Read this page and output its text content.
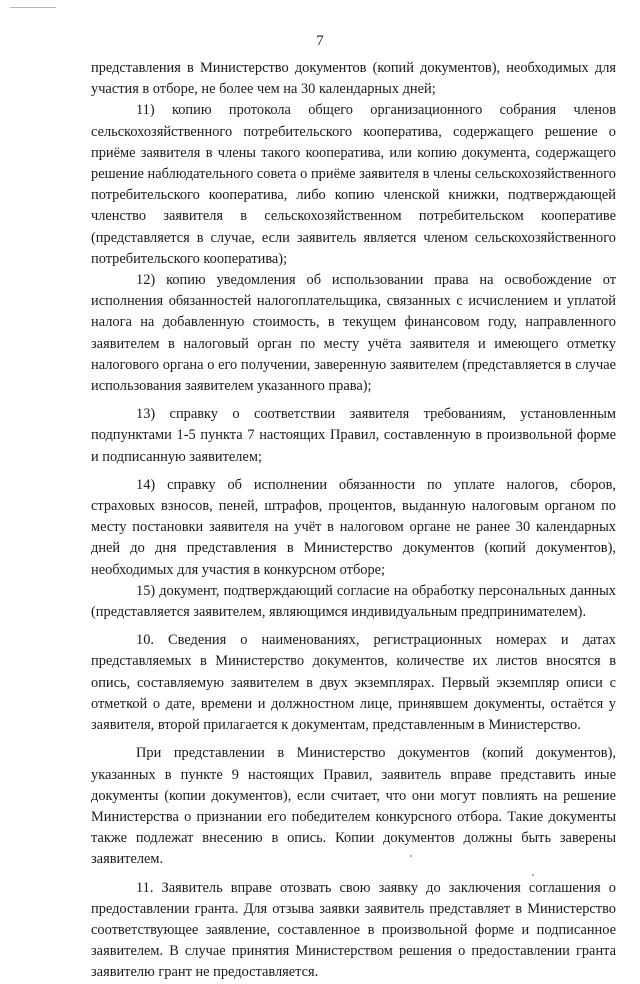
7

представления в Министерство документов (копий документов), необходимых для участия в отборе, не более чем на 30 календарных дней;

11) копию протокола общего организационного собрания членов сельскохозяйственного потребительского кооператива, содержащего решение о приёме заявителя в члены такого кооператива, или копию документа, содержащего решение наблюдательного совета о приёме заявителя в члены сельскохозяйственного потребительского кооператива, либо копию членской книжки, подтверждающей членство заявителя в сельскохозяйственном потребительском кооперативе (представляется в случае, если заявитель является членом сельскохозяйственного потребительского кооператива);

12) копию уведомления об использовании права на освобождение от исполнения обязанностей налогоплательщика, связанных с исчислением и уплатой налога на добавленную стоимость, в текущем финансовом году, направленного заявителем в налоговый орган по месту учёта заявителя и имеющего отметку налогового органа о его получении, заверенную заявителем (представляется в случае использования заявителем указанного права);

13) справку о соответствии заявителя требованиям, установленным подпунктами 1-5 пункта 7 настоящих Правил, составленную в произвольной форме и подписанную заявителем;

14) справку об исполнении обязанности по уплате налогов, сборов, страховых взносов, пеней, штрафов, процентов, выданную налоговым органом по месту постановки заявителя на учёт в налоговом органе не ранее 30 календарных дней до дня представления в Министерство документов (копий документов), необходимых для участия в конкурсном отборе;

15) документ, подтверждающий согласие на обработку персональных данных (представляется заявителем, являющимся индивидуальным предпринимателем).

10. Сведения о наименованиях, регистрационных номерах и датах представляемых в Министерство документов, количестве их листов вносятся в опись, составляемую заявителем в двух экземплярах. Первый экземпляр описи с отметкой о дате, времени и должностном лице, принявшем документы, остаётся у заявителя, второй прилагается к документам, представленным в Министерство.

При представлении в Министерство документов (копий документов), указанных в пункте 9 настоящих Правил, заявитель вправе представить иные документы (копии документов), если считает, что они могут повлиять на решение Министерства о признании его победителем конкурсного отбора. Такие документы также подлежат внесению в опись. Копии документов должны быть заверены заявителем.

11. Заявитель вправе отозвать свою заявку до заключения соглашения о предоставлении гранта. Для отзыва заявки заявитель представляет в Министерство соответствующее заявление, составленное в произвольной форме и подписанное заявителем. В случае принятия Министерством решения о предоставлении гранта заявителю грант не предоставляется.
